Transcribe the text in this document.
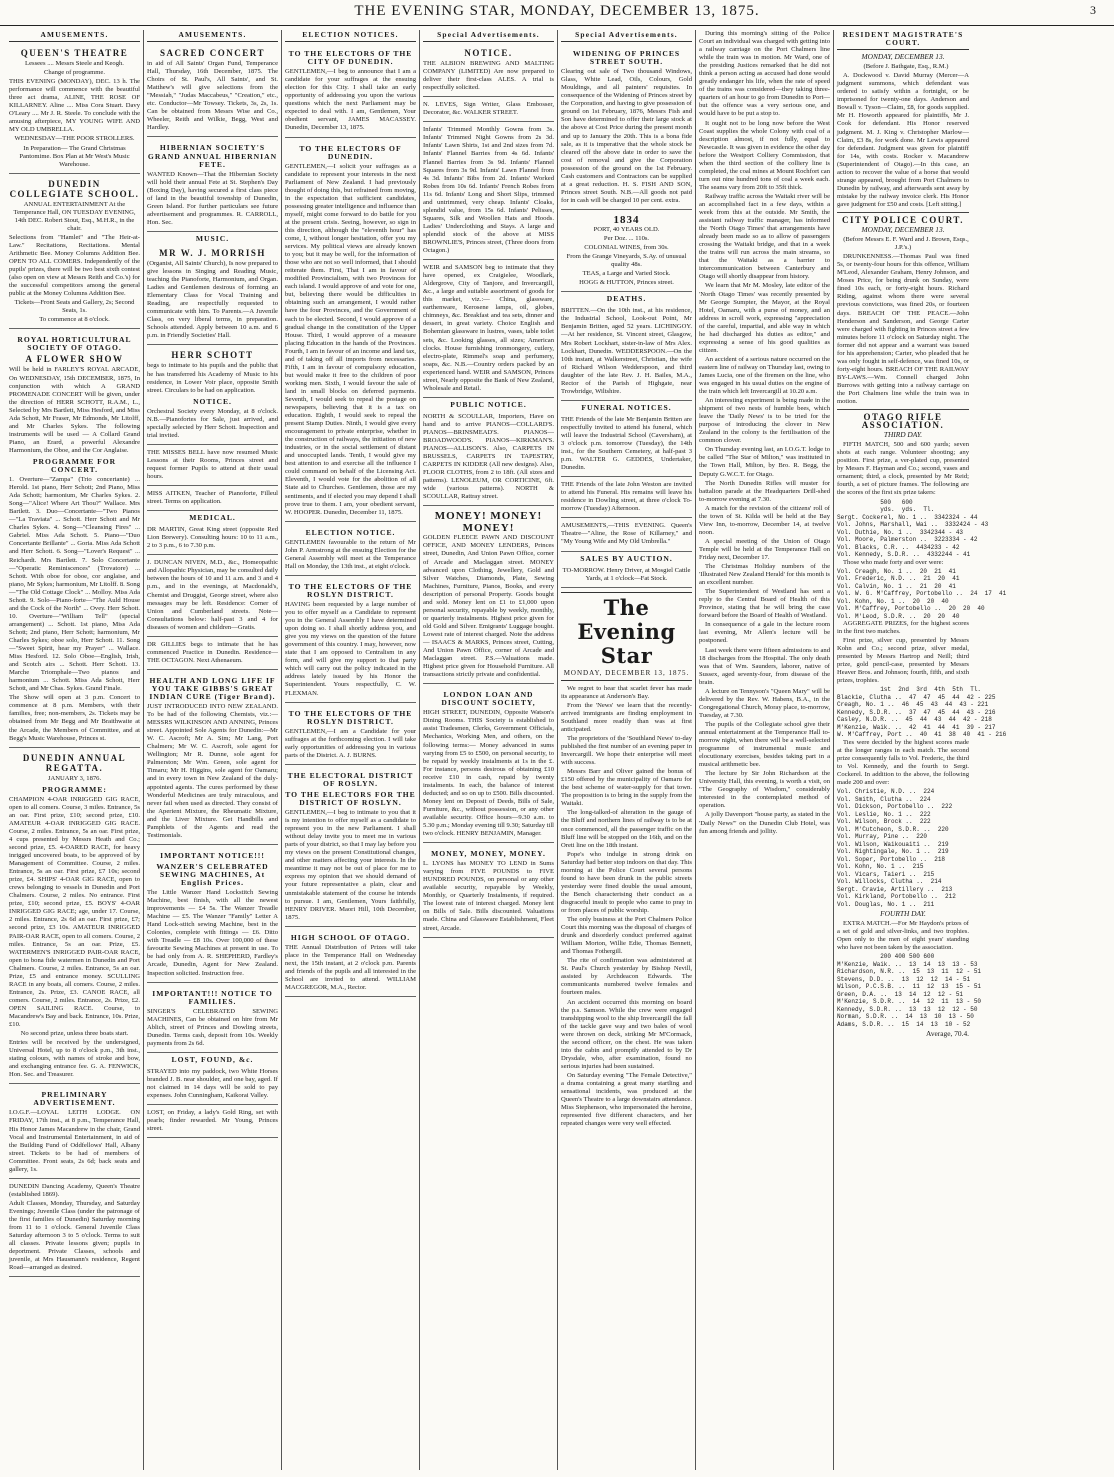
THE EVENING STAR, MONDAY, DECEMBER 13, 1875.	3
AMUSEMENTS.
QUEEN'S THEATRE

Lessees .... Messrs Steele and Keogh.

Change of programme.

THIS EVENING (MONDAY), DEC. 13 h. The performance will commence with the beautiful three act drama, ALINE, THE ROSE OF KILLARNEY. Aline .... Miss Cora Stuart. Davy O'Leary .... Mr J. R. Steele. To conclude with the amusing afterpiece, MY YOUNG WIFE AND MY OLD UMBRELLA.

WEDNESDAY—THE POOR STROLLERS.

In Preparation— The Grand Christmas Pantomime. Box Plan at Mr West's Music Warehouse.

DUNEDIN COLLEGIATE SCHOOL.

ANNUAL ENTERTAINMENT At the Temperance Hall, ON TUESDAY EVENING, 14th DEC. Robert Stout, Esq., M.H.R., in the chair.

Selections from "Hamlet" and "The Heir-at-Law." Recitations, Recitations. Mental Arithmetic Bee. Money Columns Addition Bee. OPEN TO ALL COMERS. Independently of the pupils' prizes, there will be two best sixth contest (also open on view at Messrs Reith and Co.'s) for the successful competitors among the general public at the Money Columns Addition Bee.

Tickets—Front Seats and Gallery, 2s; Second Seats, 1s.

To commence at 8 o'clock.

ROYAL HORTICULTURAL SOCIETY OF OTAGO.
A FLOWER SHOW

Will be held in FARLEY'S ROYAL ARCADE, On WEDNESDAY, 15th DECEMBER, 1875, In conjunction with which A GRAND PROMENADE CONCERT Will be given, under the direction of HERR SCHOTT, R.A.M., L., Selected by Mrs Bartlett, Miss Hesford, and Miss Ada Schott, Mr Fraser, Mr Edmonds, Mr Litolff, and Mr Charles Sykes. The following instruments will be used — A Collard Grand Piano, an Erard, a powerful Alexandre Harmonium, the Oboe, and the Cor Anglaise.

PROGRAMME FOR CONCERT.

1. Overture—"Zampa" (Trio concertante) ... Herold. 1st piano, Herr Schott; 2nd Piano, Miss Ada Schott; harmonium, Mr Charles Sykes. 2. Song—"Alice! Where Art Thou?" Wallace. Mrs Bartlett. 3. Duo—Concertante—"Two Pianos—"La Traviata" ... Schott. Herr Schott and Mr Charles Sykes. 4. Song—"Cleansing Fires" ... Gabriel. Miss Ada Schott. 5. Piano—"Duo Concertante Brillante" ... Goria. Miss Ada Schott and Herr Schott. 6. Song—"Lover's Request" ... Reichardt. Mrs Bartlett. 7. Solo Concertante—"Operatic Reminiscences" (Trovatore) ... Schott. With oboe for oboe, cor anglaise, and piano, Mr Sykes; harmonium, Mr Litolff. 8. Song—"The Old Cottage Clock" ... Molloy. Miss Ada Schott. 9. Solo—Piano-forte—"The Auld House and the Cock of the North" ... Ovey. Herr Schott. 10. Overture—"William Tell" (special arrangement) ... Schott. 1st piano, Miss Ada Schott; 2nd piano, Herr Schott; harmonium, Mr Charles Sykes; oboe solo, Herr Schott. 11. Song—"Sweet Spirit, hear my Prayer" ... Wallace. Miss Hesford. 12. Solo Oboe—English, Irish, and Scotch airs ... Schott. Herr Schott. 13. Marche Triomphale—Two pianos and harmonium ... Schott. Miss Ada Schott, Herr Schott, and Mr Chas. Sykes. Grand Finale.

The Show will open at 3 p.m. Concert to commence at 8 p.m. Members, with their families, free; non-members, 2s. Tickets may be obtained from Mr Begg and Mr Braithwaite at the Arcade, the Members of Committee, and at Begg's Music Warehouse, Princes st.

DUNEDIN ANNUAL REGATTA.

JANUARY 3, 1876.

PROGRAMME:

CHAMPION 4-OAR INRIGGED GIG RACE, open to all comers. Course, 3 miles. Entrance, 5s an oar. First prize, £10; second prize, £10. AMATEUR 4-OAR INRIGGED GIG RACE. Course, 2 miles. Entrance, 5s an oar. First prize, 4 cups presented by Messrs Heath and Co.; second prize, £5. 4-OARED RACE, for heavy inrigged uncovered boats, to be approved of by Management of Committee. Course, 2 miles. Entrance, 5s an oar. First prize, £7 10s; second prize, £4. SHIPS' 4-OAR GIG RACE, open to crews belonging to vessels in Dunedin and Port Chalmers. Course, 2 miles. No entrance. First prize, £10; second prize, £5. BOYS' 4-OAR INRIGGED GIG RACE; age, under 17. Course, 2 miles. Entrance, 2s 6d an oar. First prize, £7; second prize, £3 10s. AMATEUR INRIGGED PAIR-OAR RACE, open to all comers. Course, 2 miles. Entrance, 5s an oar. Prize, £5. WATERMEN'S INRIGGED PAIR-OAR RACE, open to bona fide watermen in Dunedin and Port Chalmers. Course, 2 miles. Entrance, 5s an oar. Prize, £5 and entrance money. SCULLING RACE in any boats, all comers. Course, 2 miles. Entrance, 2s. Prize, £3. CANOE RACE, all comers. Course, 2 miles. Entrance, 2s. Prize, £2. OPEN SAILING RACE. Course, to Macandrew's Bay and back. Entrance, 10s. Prize, £10.

No second prize, unless three boats start.

Entries will be received by the undersigned, Universal Hotel, up to 8 o'clock p.m., 3th inst., stating colours, with names of stroke and bow, and exchanging entrance fee. G. A. FENWICK, Hon. Sec. and Treasurer.

PRELIMINARY ADVERTISEMENT.

I.O.G.F.—LOYAL LEITH LODGE. ON FRIDAY, 17th inst., at 8 p.m., Temperance Hall, His Honor James Macandrew in the chair, Grand Vocal and Instrumental Entertainment, in aid of the Building Fund of Oddfellows' Hall, Albany street. Tickets to be had of members of Committee. Front seats, 2s 6d; back seats and gallery, 1s.

DUNEDIN Dancing Academy, Queen's Theatre (established 1869).

Adult Classes, Monday, Thursday, and Saturday Evenings; Juvenile Class (under the patronage of the first families of Dunedin) Saturday morning from 11 to 1 o'clock. General Juvenile Class Saturday afternoon 3 to 5 o'clock. Terms to suit all classes. Private lessons given; pupils in deportment. Private Classes, schools and juvenile, at Mrs Hausmann's residence, Regent Road—arranged as desired.

AMUSEMENTS.
SACRED CONCERT

in aid of All Saints' Organ Fund, Temperance Hall, Thursday, 16th December, 1875. The Choirs of St. Paul's, All Saints', and St. Matthew's will give selections from the "Messiah," "Judas Maccabeus," "Creation," etc., etc. Conductor—Mr Towsey. Tickets, 3s, 2s, 1s. Can be obtained from Messrs Wise and Co., Wheeler, Reith and Wilkie, Begg, West and Hardley.

HIBERNIAN SOCIETY'S GRAND ANNUAL HIBERNIAN FETE.

WANTED Known—That the Hibernian Society will hold their annual Fete at St. Stephen's Day (Boxing Day), having secured a first class piece of land in the beautiful township of Dunedin, Green Island. For further particulars see future advertisement and programmes. R. CARROLL, Hon. Sec.

MUSIC.
MR W. J. MORRISH

(Organist, All Saints' Church), Is now prepared to give lessons in Singing and Reading Music, teaching the Pianoforte, Harmonium, and Organ. Ladies and Gentlemen desirous of forming an Elementary Class for Vocal Training and Reading, are respectfully requested to communicate with him. To Parents.—A Juvenile Class, on very liberal terms, in preparation. Schools attended. Apply between 10 a.m. and 6 p.m. in Friendly Societies' Hall.

HERR SCHOTT

begs to intimate to his pupils and the public that he has transferred his Academy of Music to his residence, in Lower Voir place, opposite Smith street. Circulars to be had on application.

NOTICE.

Orchestral Society every Monday, at 8 o'clock. N.B.—Pianofortes for Sale, just arrived, and specially selected by Herr Schott. Inspection and trial invited.

THE MISSES BELL have now resumed Music Lessons at their Rooms, Princes street and request former Pupils to attend at their usual hours.

MISS AITKEN, Teacher of Pianoforte, Filleul street. Terms on application.

MEDICAL.

DR MARTIN, Great King street (opposite Red Lion Brewery). Consulting hours: 10 to 11 a.m., 2 to 3 p.m., 6 to 7.30 p.m.

J. DUNCAN NIVEN, M.D., &c., Homeopathic and Allopathic Physician, may be consulted daily between the hours of 10 and 11 a.m. and 3 and 4 p.m., and in the evenings, at Macdonald's, Chemist and Druggist, George street, where also messages may be left. Residence: Corner of Union and Cumberland streets. Note—Consultations below: half-past 3 and 4 for diseases of women and children—Gratis.

DR GILLIES begs to intimate that he has commenced Practice in Dunedin. Residence—THE OCTAGON. Next Athenaeum.

HEALTH AND LONG LIFE IF YOU TAKE GIBBS'S GREAT INDIAN CURE (Tiger Brand).

JUST INTRODUCED INTO NEW ZEALAND. To be had of the following Chemists, viz.:—MESSRS WILKINSON AND ANNING, Princes street. Appointed Sole Agents for Dunedin:—Mr W. C. Ascroft; Mr A. Sim; Mr Lang, Port Chalmers; Mr W. C. Ascroft, sole agent for Wellington; Mr R. Dunne, sole agent for Palmerston; Mr Wm. Green, sole agent for Timaru; Mr H. Higgins, sole agent for Oamaru; and in every town in New Zealand of the duly-appointed agents. The cures performed by these Wonderful Medicines are truly miraculous, and never fail when used as directed. They consist of the Aperient Mixture, the Rheumatic Mixture, and the Liver Mixture. Get Handbills and Pamphlets of the Agents and read the Testimonials.

IMPORTANT NOTICE!!!
WANZER'S CELEBRATED SEWING MACHINES, At English Prices.

The Little Wanzer Hand Lockstitch Sewing Machine, best finish, with all the newest improvements — £4 5s. The Wanzer Treadle Machine — £5. The Wanzer "Family" Letter A Hand Lock-stitch sewing Machine, best in the Colonies, complete with fittings — £6. Ditto with Treadle — £8 10s. Over 100,000 of these favourite Sewing Machines at present in use. To be had only from A. R. SHEPHERD, Fardley's Arcade, Dunedin, Agent for New Zealand. Inspection solicited. Instruction free.

IMPORTANT!!! NOTICE TO FAMILIES.

SINGER'S CELEBRATED SEWING MACHINES, Can be obtained on hire from Mr Ablich, street of Princes and Dowling streets, Dunedin. Terms cash, deposit from 10s. Weekly payments from 2s 6d.

LOST, FOUND, &c.

STRAYED into my paddock, two White Horses branded J. B. near shoulder, and one bay, aged. If not claimed in 14 days will be sold to pay expenses. John Cunningham, Kaikorai Valley.

LOST, on Friday, a lady's Gold Ring, set with pearls; finder rewarded. Mr Young, Princes street.

ELECTION NOTICES.
TO THE ELECTORS OF THE CITY OF DUNEDIN.

GENTLEMEN,—I beg to announce that I am a candidate for your suffrages at the ensuing election for this City. I shall take an early opportunity of addressing you upon the various questions which the next Parliament may be expected to deal with. I am, Gentlemen, Your obedient servant, JAMES MACASSEY. Dunedin, December 13, 1875.

TO THE ELECTORS OF DUNEDIN.

GENTLEMEN,—I solicit your suffrages as a candidate to represent your interests in the next Parliament of New Zealand. I had previously thought of doing this, but refrained from moving, in the expectation that sufficient candidates, possessing greater intelligence and influence than myself, might come forward to do battle for you at the present crisis. Seeing, however, so sign in this direction, although the "eleventh hour" has come, I, without longer hesitation, offer you my services. My political views are already known to you; but it may be well, for the information of those who are not so well informed, that I should reiterate them. First, That I am in favour of modified Provincialism, with two Provinces for each island. I would approve of and vote for one, but, believing there would be difficulties in obtaining such an arrangement, I would rather have the four Provinces, and the Government of each to be elected. Second, I would approve of a gradual change in the constitution of the Upper House. Third, I would approve of a measure placing Education in the hands of the Provinces. Fourth, I am in favour of an income and land tax, and of taking off all imports from necessaries. Fifth, I am in favour of compulsory education, but would make it free to the children of poor working men. Sixth, I would favour the sale of land in small blocks on deferred payments. Seventh, I would seek to repeal the postage on newspapers, believing that it is a tax on education. Eighth, I would seek to repeal the present Stamp Duties. Ninth, I would give every encouragement to private enterprise, whether in the construction of railways, the initiation of new industries, or in the social settlement of distant and unoccupied lands. Tenth, I would give my best attention to and exercise all the influence I could command on behalf of the Licensing Act. Eleventh, I would vote for the abolition of all State aid to Churches. Gentlemen, those are my sentiments, and if elected you may depend I shall prove true to them. I am, your obedient servant, W. HOOPER. Dunedin, December 11, 1875.

ELECTION NOTICE.

GENTLEMEN favourable to the return of Mr John P. Armstrong at the ensuing Election for the General Assembly will meet at the Temperance Hall on Monday, the 13th inst., at eight o'clock.

TO THE ELECTORS OF THE ROSLYN DISTRICT.

HAVING been requested by a large number of you to offer myself as a Candidate to represent you in the General Assembly I have determined upon doing so. I shall shortly address you, and give you my views on the question of the future government of this country. I may, however, now state that I am opposed to Centralism in any form, and will give my support to that party which will carry out the policy indicated in the address lately issued by his Honor the Superintendent. Yours respectfully, C. W. FLEXMAN.

TO THE ELECTORS OF THE ROSLYN DISTRICT.

GENTLEMEN,—I am a Candidate for your suffrages at the forthcoming election. I will take early opportunities of addressing you in various parts of the District. A. J. BURNS.

THE ELECTORAL DISTRICT OF ROSLYN.
TO THE ELECTORS FOR THE DISTRICT OF ROSLYN.

GENTLEMEN,—I beg to intimate to you that it is my intention to offer myself as a candidate to represent you in the new Parliament. I shall without delay invite you to meet me in various parts of your district, so that I may lay before you my views on the present Constitutional changes, and other matters affecting your interests. In the meantime it may not be out of place for me to express my opinion that we should demand of your future representative a plain, clear and unmistakable statement of the course he intends to pursue. I am, Gentlemen, Yours faithfully, HENRY DRIVER. Maori Hill, 10th December, 1875.

HIGH SCHOOL OF OTAGO.

THE Annual Distribution of Prizes will take place in the Temperance Hall on Wednesday next, the 15th instant, at 2 o'clock p.m. Parents and friends of the pupils and all interested in the School are invited to attend. WILLIAM MACGREGOR, M.A., Rector.

Special Advertisements.
NOTICE.

THE ALBION BREWING AND MALTING COMPANY (LIMITED) Are now prepared to deliver their first-class ALES. A trial is respectfully solicited.

N. LEVES, Sign Writer, Glass Embosser, Decorator, &c. WALKER STREET.

Infants' Trimmed Monthly Gowns from 3s. Infants' Trimmed Night Gowns from 2s 3d. Infants' Lawn Shirts, 1st and 2nd sizes from 7d. Infants' Flannel Barries from 4s 6d. Infants' Flannel Barries from 3s 9d. Infants' Flannel Squares from 3s 9d. Infants' Lawn Flannel from 4s 3d. Infants' Bibs from 2d. Infants' Worked Robes from 10s 6d. Infants' French Robes from 11s 6d. Infants' Long and Short Slips, trimmed and untrimmed, very cheap. Infants' Cloaks, splendid value, from 15s 6d. Infants' Pelisses, Squares, Silk and Woollen Hats and Hoods. Ladies' Underclothing and Stays. A large and splendid stock of the above at MISS BROWNLIE'S, Princes street, (Three doors from Octagon.)

WEIR and SAMSON beg to intimate that they have opened, ex Craigielee, Woodlark, Aldergrove, City of Tanjore, and Invercargill, &c., a large and suitable assortment of goods for this market, viz.:— China, glassware, earthenware, Kerosene lamps, oil, globes, chimneys, &c. Breakfast and tea sets, dinner and dessert, in great variety. Choice English and Bohemian glassware in lustres, vases, table toilet sets, &c. Looking glasses, all sizes; American clocks. House furnishing ironmongery, cutlery, electro-plate, Rimmel's soap and perfumery, soaps, &c. N.B.—Country orders packed by an experienced hand. WEIR and SAMSON, Princes street, Nearly opposite the Bank of New Zealand, Wholesale and Retail.

PUBLIC NOTICE.

NORTH & SCOULLAR, Importers, Have on hand and to arrive PIANOS—COLLARD'S. PIANOS—BRINSMEAD'S. PIANOS—BROADWOOD'S. PIANOS—KIRKMAN'S. PIANOS—ALLISON'S. Also, CARPETS IN BRUSSELS, CARPETS IN TAPESTRY, CARPETS IN KIDDER (All new designs). Also, FLOOR CLOTHS, from 2 to 18ft. (All sizes and patterns). LENOLEUM, OR CORTICINE, 6ft. wide (various patterns). NORTH & SCOULLAR, Rattray street.

MONEY! MONEY! MONEY!

GOLDEN FLEECE PAWN AND DISCOUNT OFFICE, AND MONEY LENDERS, Princes street, Dunedin, And Union Pawn Office, corner of Arcade and Maclaggan street. MONEY advanced upon Clothing, Jewellery, Gold and Silver Watches, Diamonds, Plate, Sewing Machines, Furniture, Pianos, Books, and every description of personal Property. Goods bought and sold. Money lent on £1 to £1,000 upon personal security, repayable by weekly, monthly, or quarterly instalments. Highest price given for old Gold and Silver. Emigrants' Luggage bought. Lowest rate of interest charged. Note the address— ISAACS & MARKS, Princes street, Cutting, And Union Pawn Office, corner of Arcade and Maclaggan street. P.S.—Valuations made. Highest price given for Household Furniture. All transactions strictly private and confidential.

LONDON LOAN AND DISCOUNT SOCIETY,

HIGH STREET, DUNEDIN, Opposite Watson's Dining Rooms. THIS Society is established to assist Tradesmen, Clerks, Government Officials, Mechanics, Working Men, and others, on the following terms:— Money advanced in sums varying from £5 to £500, on personal security, to be repaid by weekly instalments at 1s in the £. For instance, persons desirous of obtaining £10 receive £10 in cash, repaid by twenty instalments. In each, the balance of interest deducted; and so on up to £500. Bills discounted. Money lent on Deposit of Deeds, Bills of Sale, Furniture, &c., without possession, or any other available security. Office hours—9.30 a.m. to 5.30 p.m.; Monday evening till 9.30; Saturday till two o'clock. HENRY BENJAMIN, Manager.

MONEY, MONEY, MONEY.

L. LYONS has MONEY TO LEND in Sums varying from FIVE POUNDS to FIVE HUNDRED POUNDS, on personal or any other available security, repayable by Weekly, Monthly, or Quarterly Instalments, if required. The lowest rate of interest charged. Money lent on Bills of Sale. Bills discounted. Valuations made. China and Glassware Establishment, Fleet street, Arcade.

Special Advertisements.
WIDENING OF PRINCES STREET SOUTH.

Clearing out sale of Two thousand Windows, Glass, White Lead, Oils, Colours, Gold Mouldings, and all painters' requisites. In consequence of the Widening of Princes street by the Corporation, and having to give possession of ground on 1st February, 1876, Messrs Fish and Son have determined to offer their large stock at the above at Cost Price during the present month and up to January the 20th. This is a bona fide sale, as it is imperative that the whole stock be cleared off the above date in order to save the cost of removal and give the Corporation possession of the ground on the 1st February. Cash customers and Contractors can be supplied at a great reduction. H. S. FISH AND SON, Princes street South. N.B.—All goods not paid for in cash will be charged 10 per cent. extra.

1834

PORT, 40 YEARS OLD.

Per Doz. ... 110s.

COLONIAL WINES, from 30s.

From the Grange Vineyards, S.Ay. of unusual quality 48s.

TEAS, a Large and Varied Stock.

HOGG & HUTTON, Princes street.

DEATHS.

BRITTEN.—On the 10th inst., at his residence, the Industrial School, Look-out Point, Mr Benjamin Britten, aged 52 years. LICHINGOY.—At her residence, St. Vincent street, Glasgow, Mrs Robert Lockhart, sister-in-law of Mrs Alex. Lockhart, Dunedin. WEDDERSPOON.—On the 10th instant, at Walkerstreet, Christian, the wife of Richard Wilson Wedderspoon, and third daughter of the late Rev. J. H. Bailes, M.A., Rector of the Parish of Highgate, near Trowbridge, Wiltshire.

FUNERAL NOTICES.

THE Friends of the late Mr Benjamin Britten are respectfully invited to attend his funeral, which will leave the Industrial School (Caversham), at 3 o'clock p.m. tomorrow (Tuesday), the 14th inst., for the Southern Cemetery, at half-past 3 p.m. WALTER G. GEDDES, Undertaker, Dunedin.

THE Friends of the late John Weston are invited to attend his Funeral. His remains will leave his residence in Dowling street, at three o'clock To-morrow (Tuesday) Afternoon.

AMUSEMENTS,—THIS EVENING. Queen's Theatre—"Aline, the Rose of Killarney," and "My Young Wife and My Old Umbrella."

SALES BY AUCTION.

TO-MORROW. Henry Driver, at Mosgiel Cattle Yards, at 1 o'clock—Fat Stock.

The Evening Star
MONDAY, DECEMBER 13, 1875.

We regret to hear that scarlet fever has made its appearance at Anderson's Bay.

From the 'News' we learn that the recently-arrived immigrants are finding employment in Southland more readily than was at first anticipated.

The proprietors of the 'Southland News' to-day published the first number of an evening paper in Invercargill. We hope their enterprise will meet with success.

Messrs Barr and Oliver gained the bonus of £150 offered by the municipality of Oamaru for the best scheme of water-supply for that town. The proposition is to bring in the supply from the Waitaki.

The long-talked-of alteration in the gauge of the Bluff and northern lines of railway is to be at once commenced, all the passenger traffic on the Bluff line will be stopped on the 16th, and on the Oreti line on the 18th instant.

Pope's who indulge in strong drink on Saturday had better stop indoors on that day. This morning at the Police Court several persons found to have been drunk in the public streets yesterday were fined double the usual amount, the Bench characterising their conduct as a disgraceful insult to people who came to pray in or from places of public worship.

The only business at the Port Chalmers Police Court this morning was the disposal of charges of drunk and disorderly conduct preferred against William Morton, Willie Edie, Thomas Bennett, and Thomas Fothergill.

The rite of confirmation was administered at St. Paul's Church yesterday by Bishop Nevill, assisted by Archdeacon Edwards. The communicants numbered twelve females and fourteen males.

An accident occurred this morning on board the p.s. Samson. While the crew were engaged transhipping wool to the ship Invercargill the fall of the tackle gave way and two bales of wool were thrown on deck, striking Mr M'Cormack, the second officer, on the chest. He was taken into the cabin and promptly attended to by Dr Drysdale, who, after examination, found no serious injuries had been sustained.

On Saturday evening "The Female Detective," a drama containing a great many startling and sensational incidents, was produced at the Queen's Theatre to a large downstairs attendance. Miss Stephenson, who impersonated the heroine, represented five different characters, and her repeated changes were very well effected.

During this morning's sitting of the Police Court an individual was charged with getting into a railway carriage on the Port Chalmers line while the train was in motion. Mr Ward, one of the presiding Justices remarked that he did not think a person acting as accused had done would greatly endanger his life, when the rate of speed of the trains was considered—they taking three-quarters of an hour to go from Dunedin to Port—but the offence was a very serious one, and would have to be put a stop to.

It ought not to be long now before the West Coast supplies the whole Colony with coal of a description almost, if not fully, equal to Newcastle. It was given in evidence the other day before the Westport Colliery Commission, that when the third section of the colliery line is completed, the coal mines at Mount Rochfort can turn out nine hundred tons of coal a week each. The seams vary from 20ft to 35ft thick.

Railway traffic across the Waitaki river will be an accomplished fact in a few days, within a week from this at the outside. Mr Smith, the assistant railway traffic manager, has informed the 'North Otago Times' that arrangements have already been made so as to allow of passengers crossing the Waitaki bridge, and that in a week the trains will run across the main streams, so that the Waitaki as a barrier to intercommunication between Canterbury and Otago will shortly disappear from history.

We learn that Mr M. Mosley, late editor of the 'North Otago Times' was recently presented by Mr George Sumpter, the Mayor, at the Royal Hotel, Oamaru, with a purse of money, and an address in scroll work, expressing "appreciation of the careful, impartial, and able way in which he had discharged his duties as editor," and expressing a sense of his good qualities as citizen.

An accident of a serious nature occurred on the eastern line of railway on Thursday last, owing to James Lucia, one of the firemen on the line, who was engaged in his usual duties on the engine of the train which left Invercargill at 10.20 a.m.

An interesting experiment is being made in the shipment of two nests of humble bees, which leave the 'Daily News' is to be tried for the purpose of introducing the clover in New Zealand in the colony is the fertilisation of the common clover.

On Thursday evening last, an I.O.G.T. lodge to be called "The Star of Milton," was instituted in the Town Hall, Milton, by Bro. R. Begg, the Deputy G.W.C.T. for Otago.

The North Dunedin Rifles will muster for battalion parade at the Headquarters Drill-shed to-morrow evening at 7.30.

A match for the revision of the citizens' roll of the town of St. Kilda will be held at the Bay View Inn, to-morrow, December 14, at twelve noon.

A special meeting of the Union of Otago Temple will be held at the Temperance Hall on Friday next, December 17.

The Christmas Holiday numbers of the 'Illustrated New Zealand Herald' for this month is an excellent number.

The Superintendent of Westland has sent a reply to the Central Board of Health of this Province, stating that he will bring the case forward before the Board of Health of Westland.

In consequence of a gale in the lecture room last evening, Mr Allen's lecture will be postponed.

Last week there were fifteen admissions to and 18 discharges from the Hospital. The only death was that of Wm. Saunders, laborer, native of Sussex, aged seventy-four, from disease of the brain.

A lecture on Tennyson's "Queen Mary" will be delivered by the Rev. W. Habens, B.A., in the Congregational Church, Moray place, to-morrow, Tuesday, at 7.30.

The pupils of the Collegiate school give their annual entertainment at the Temperance Hall to-morrow night, when there will be a well-selected programme of instrumental music and elocutionary exercises, besides taking part in a musical arithmetic bee.

The lecture by Sir John Richardson at the University Hall, this evening, is worth a visit, on "The Geography of Wisdom," considerably interested in the contemplated method of operation.

A jolly Davenport "house party, as stated in the 'Daily News'" on the Dunedin Club Hotel, was fun among friends and jollity.

RESIDENT MAGISTRATE'S COURT.
MONDAY, DECEMBER 13.

(Before J. Bathgate, Esq., R.M.)

A. Dockwood v. David Murray (Mercer—A judgment summons, which defendant was ordered to satisfy within a fortnight, or be imprisoned for twenty-one days. Anderson and Bowall v. Tyson—Claim, £8, for goods supplied. Mr H. Howorth appeared for plaintiffs, Mr J. Cook for defendant. His Honor reserved judgment. M. J. King v. Christopher Marlow—Claim, £3 8s, for work done. Mr Lewis appeared for defendant. Judgment was given for plaintiff for 14s, with costs. Rocker v. Macandrew (Superintendent of Otago).—In this case, an action to recover the value of a horse that would strange appeared, brought from Port Chalmers to Dunedin by railway, and afterwards sent away by mistake by the railway invoice clerk. His Honor gave judgment for £50 and costs. [Left sitting.]

CITY POLICE COURT.
MONDAY, DECEMBER 13.

(Before Messrs E. F. Ward and J. Brown, Esqs., J.P.'s.)

DRUNKENNESS.—Thomas Paul was fined 5s, or twenty-four hours for this offence, William M'Leod, Alexander Graham, Henry Johnson, and Moses Price, for being drunk on Sunday, were fined 10s each, or forty-eight hours. Richard Riding, against whom there were several previous convictions, was fined 20s, or fourteen days. BREACH OF THE PEACE.—John Henderson and Sanderson, and George Carter were charged with fighting in Princes street a few minutes before 11 o'clock on Saturday night. The former did not appear and a warrant was issued for his apprehension; Carter, who pleaded that he was only fought in self-defence, was fined 10s, or forty-eight hours. BREACH OF THE RAILWAY BY-LAWS.—Wm. Connell charged John Burrows with getting into a railway carriage on the Port Chalmers line while the train was in motion.

OTAGO RIFLE ASSOCIATION.
THIRD DAY.

FIFTH MATCH, 500 and 600 yards; seven shots at each range. Volunteer shooting; any position. First prize, a ver-plated cup, presented by Messrs F. Hayman and Co.; second, vases and ornament; third, a clock, presented by Mr Reid; fourth, a set of picture frames. The following are the scores of the first six prize takers:

500   600
yds.  yds.  Tl.
Sergt. Cockerel, No. 1 ..  3342324 - 44
Vol. Johns, Marshall, Wai ..  3332424 - 43
Vol. Duthie, No. 1 ..  3342344 - 43
Vol. Moore, Palmerston ..  3223334 - 42
Vol. Blacks, C.R. ..  4434233 - 42
Vol. Kennedy, S.D.R. ..  4332244 - 41

Those who made forty and over were:

Vol. Creagh, No. 1 ..  20  21  41
Vol. Frederic, N.D. ..  21  20  41
Vol. Calvin, No. 1 ..  21  20  41
Vol. W. G. M'Caffrey, Portobello ..  24  17  41
Vol. Kohn, No. 1 ..  20  20  40
Vol. M'Caffrey, Portobello ..  20  20  40
Vol. M'Leod, S.D.R. ..  20  20  40

AGGREGATE PRIZES, for the highest scores in the first two matches.

First prize, silver cup, presented by Messrs Kohn and Co.; second prize, silver medal, presented by Messrs Hartrop and Neill; third prize, gold pencil-case, presented by Messrs Heaver Bros. and Johnson; fourth, fifth, and sixth prizes, trophies.

1st  2nd  3rd  4th  5th  Tl.
Blackie, Clutha ..  47  47  45  44  42 - 225
Creagh, No. 1 ..  46  45  43  44  43 - 221
Kennedy, S.D.R. ..  37  47  45  44  43 - 216
Casley, N.D.R. ..  45  44  43  44  42 - 218
M'Kenzie, Waik. ..  42  41  44  41  39 - 217
W. M'Caffrey, Port ..  40  41  38  40  41 - 216

Ties were decided by the highest scores made at the longer ranges in each match. The second prize consequently falls to Vol. Frederic, the third to Vol. Kennedy, and the fourth to Sergt. Cockerel. In addition to the above, the following made 200 and over:

Vol. Christie, N.D. ..  224
Vol. Smith, Clutha ..  224
Vol. Dickson, Portobello ..  222
Vol. Leslie, No. 1 ..  222
Vol. Wilson, Brock ..  222
Vol. M'Cutcheon, S.D.R. ..  220
Vol. Murray, Pine ..  220
Vol. Wilson, Waikouaiti ..  219
Vol. Nightingale, No. 1 ..  219
Vol. Soper, Portobello ..  218
Vol. Kohn, No. 1 ..  215
Vol. Vicars, Taieri ..  215
Vol. Willocks, Clutha ..  214
Sergt. Cravie, Artillery ..  213
Vol. Kirkland, Portobello ..  212
Vol. Douglas, No. 1 ..  211
FOURTH DAY.

EXTRA MATCH.—For Mr Haydon's prizes of a set of gold and silver-links, and two trophies. Open only to the men of eight years' standing who have not been taken by the association.

200 400 500 600
M'Kenzie, Waik. ..  13  14  13  13 - 53
Richardson, N.R. ..  15  13  11  12 - 51
Stevens, D.D. ..  13  12  12  14 - 51
Wilson, P.C.S.B. ..  11  12  13  15 - 51
Green, D.A. ..  13  14  12  12 - 51
M'Kenzie, S.D.R. ..  14  12  11  13 - 50
Kennedy, S.D.R. ..  13  13  12  12 - 50
Norman, S.D.R. ..  14  13  10  13 - 50
Adams, S.D.R. ..  15  14  13  10 - 52
Average, 70.4.
